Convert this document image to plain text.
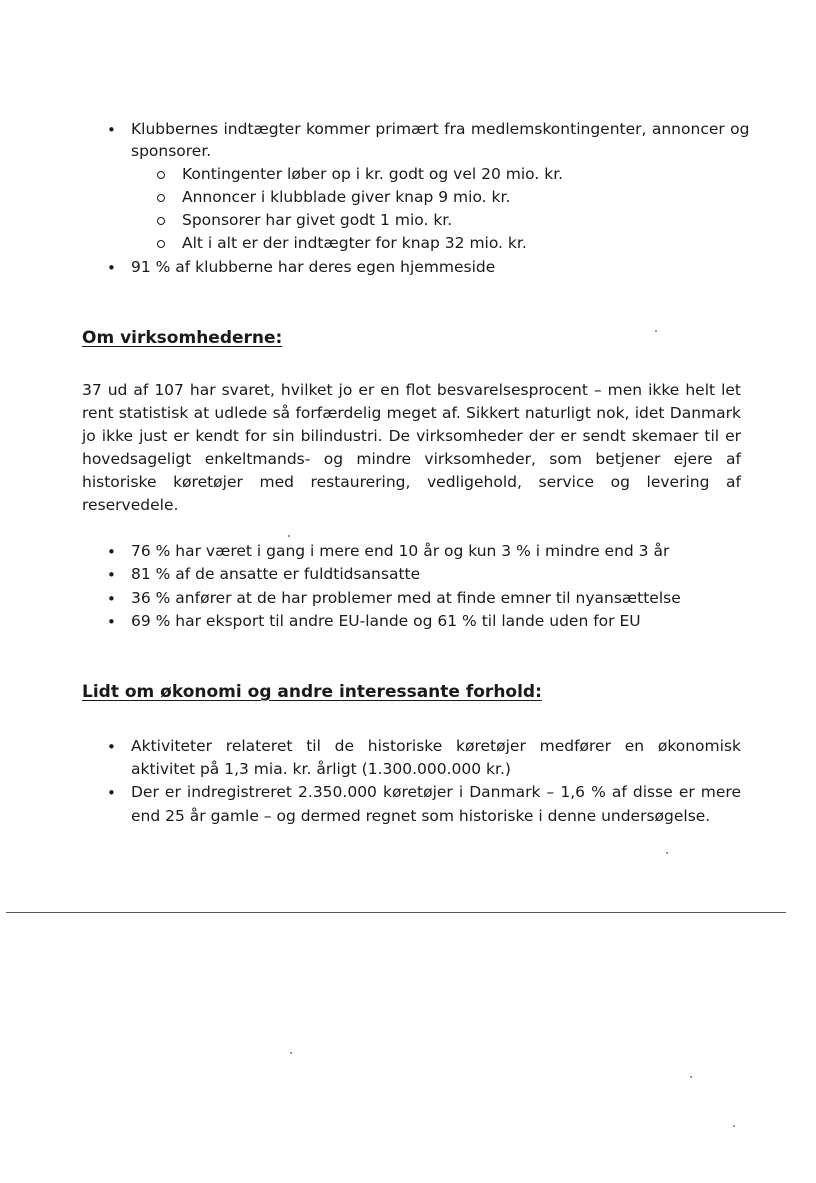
• Klubbernes indtægter kommer primært fra medlemskontingenter, annoncer og
sponsorer.
Kontingenter løber op i kr. godt og vel 20 mio. kr.
Annoncer i klubblade giver knap 9 mio. kr.
Sponsorer har givet godt 1 mio. kr.
Alt i alt er der indtægter for knap 32 mio. kr.
• 91 % af klubberne har deres egen hjemmeside
Om virksomhederne:
37 ud af 107 har svaret, hvilket jo er en flot besvarelsesprocent – men ikke helt let rent statistisk at udlede så forfærdelig meget af. Sikkert naturligt nok, idet Danmark jo ikke just er kendt for sin bilindustri. De virksomheder der er sendt skemaer til er hovedsageligt enkeltmands- og mindre virksomheder, som betjener ejere af historiske køretøjer med restaurering, vedligehold, service og levering af reservedele.
• 76 % har været i gang i mere end 10 år og kun 3 % i mindre end 3 år
• 81 % af de ansatte er fuldtidsansatte
• 36 % anfører at de har problemer med at finde emner til nyansættelse
• 69 % har eksport til andre EU-lande og 61 % til lande uden for EU
Lidt om økonomi og andre interessante forhold:
• Aktiviteter relateret til de historiske køretøjer medfører en økonomisk
aktivitet på 1,3 mia. kr. årligt (1.300.000.000 kr.)
• Der er indregistreret 2.350.000 køretøjer i Danmark – 1,6 % af disse er mere
end 25 år gamle – og dermed regnet som historiske i denne undersøgelse.
